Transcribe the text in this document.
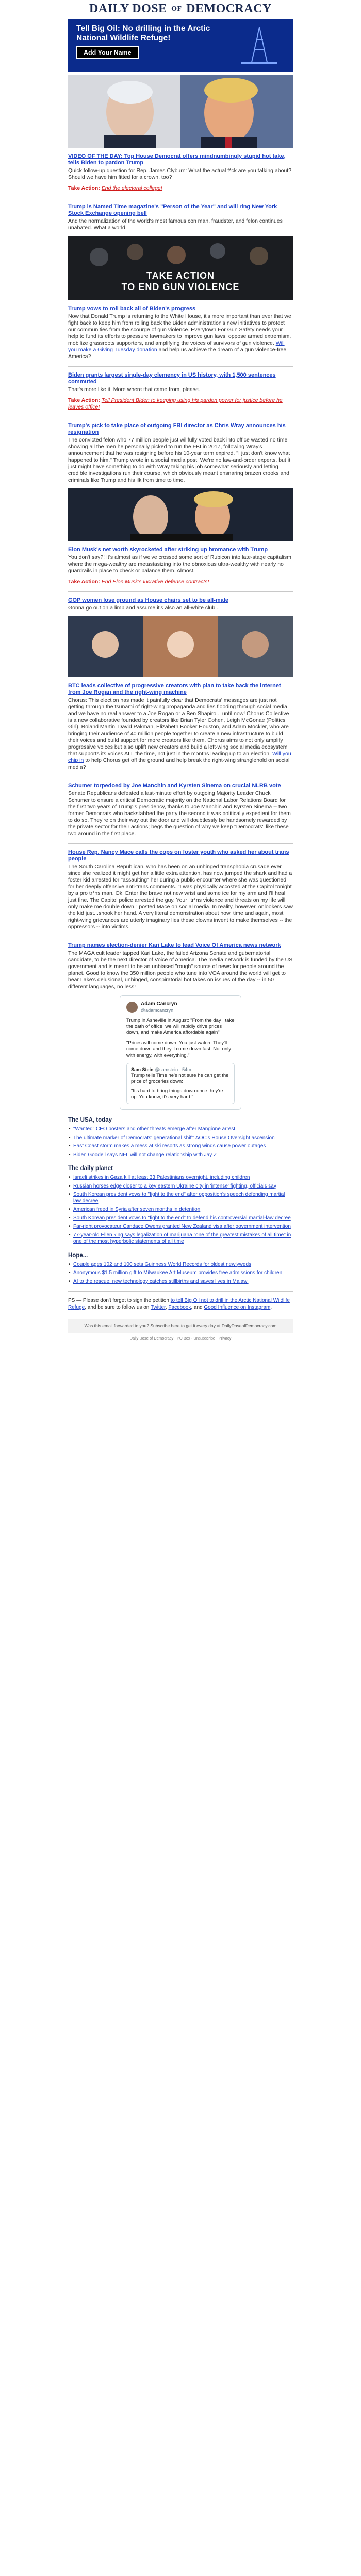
DAILY DOSE OF DEMOCRACY
Tell Big Oil: No drilling in the Arctic National Wildlife Refuge!
Add Your Name
VIDEO OF THE DAY: Top House Democrat offers mindnumbingly stupid hot take, tells Biden to pardon Trump

Quick follow-up question for Rep. James Clyburn: What the actual f*ck are you talking about? Should we have him fitted for a crown, too?

Take Action: End the electoral college!
Trump is Named Time magazine's "Person of the Year" and will ring New York Stock Exchange opening bell

And the normalization of the world's most famous con man, fraudster, and felon continues unabated. What a world.

TAKE ACTION
TO END GUN VIOLENCE
Trump vows to roll back all of Biden's progress

Now that Donald Trump is returning to the White House, it's more important than ever that we fight back to keep him from rolling back the Biden administration's new initiatives to protect our communities from the scourge of gun violence. Everytown For Gun Safety needs your help to fund its efforts to pressure lawmakers to improve gun laws, oppose armed extremism, mobilize grassroots supporters, and amplifying the voices of survivors of gun violence. Will you make a Giving Tuesday donation and help us achieve the dream of a gun violence-free America?

Biden grants largest single-day clemency in US history, with 1,500 sentences commuted

That's more like it. More where that came from, please.

Take Action: Tell President Biden to keeping using his pardon power for justice before he leaves office!
Trump's pick to take place of outgoing FBI director as Chris Wray announces his resignation

The convicted felon who 77 million people just willfully voted back into office wasted no time showing all the men he personally picked to run the FBI in 2017, following Wray's announcement that he was resigning before his 10-year term expired. "I just don't know what happened to him," Trump wrote in a social media post. We're no law-and-order experts, but it just might have something to do with Wray taking his job somewhat seriously and letting credible investigations run their course, which obviously meant ensnaring brazen crooks and criminals like Trump and his ilk from time to time.

Elon Musk's net worth skyrocketed after striking up bromance with Trump

You don't say?! It's almost as if we've crossed some sort of Rubicon into late-stage capitalism where the mega-wealthy are metastasizing into the obnoxious ultra-wealthy with nearly no guardrails in place to check or balance them. Almost.

Take Action: End Elon Musk's lucrative defense contracts!
GOP women lose ground as House chairs set to be all-male

Gonna go out on a limb and assume it's also an all-white club...

BTC leads collective of progressive creators with plan to take back the internet from Joe Rogan and the right-wing machine

Chorus: This election has made it painfully clear that Democrats' messages are just not getting through the tsunami of right-wing propaganda and lies flooding through social media, and we have no real answer to a Joe Rogan or a Ben Shapiro... until now! Chorus Collective is a new collaborative founded by creators like Brian Tyler Cohen, Leigh McGonae (Politics Girl), Roland Martin, David Pakman, Elizabeth Booker Houston, and Adam Mockler, who are bringing their audience of 40 million people together to create a new infrastructure to build their voices and build support for more creators like them. Chorus aims to not only amplify progressive voices but also uplift new creators and build a left-wing social media ecosystem that supports its voices ALL the time, not just in the months leading up to an election. Will you chip in to help Chorus get off the ground and help break the right-wing stranglehold on social media?

Schumer torpedoed by Joe Manchin and Kyrsten Sinema on crucial NLRB vote

Senate Republicans defeated a last-minute effort by outgoing Majority Leader Chuck Schumer to ensure a critical Democratic majority on the National Labor Relations Board for the first two years of Trump's presidency, thanks to Joe Manchin and Kyrsten Sinema -- two former Democrats who backstabbed the party the second it was politically expedient for them to do so. They're on their way out the door and will doubtlessly be handsomely rewarded by the private sector for their actions; begs the question of why we keep "Democrats" like these two around in the first place.

House Rep. Nancy Mace calls the cops on foster youth who asked her about trans people

The South Carolina Republican, who has been on an unhinged transphobia crusade ever since she realized it might get her a little extra attention, has now jumped the shark and had a foster kid arrested for "assaulting" her during a public encounter where she was questioned for her deeply offensive anti-trans comments. "I was physically accosted at the Capitol tonight by a pro tr*ns man. Ok. Enter the brave not new wrist and some ice for my arm and I'll heal just fine. The Capitol police arrested the guy. Your "tr*ns violence and threats on my life will only make me double down," posted Mace on social media. In reality, however, onlookers saw the kid just...shook her hand. A very literal demonstration about how, time and again, most right-wing grievances are utterly imaginary lies these clowns invent to make themselves -- the oppressors -- into victims.

Trump names election-denier Kari Lake to lead Voice Of America news network

The MAGA cult leader tapped Kari Lake, the failed Arizona Senate and gubernatorial candidate, to be the next director of Voice of America. The media network is funded by the US government and is meant to be an unbiased "rough" source of news for people around the planet. Good to know the 350 million people who tune into VOA around the world will get to hear Lake's delusional, unhinged, conspiratorial hot takes on issues of the day -- in 50 different languages, no less!

Adam Cancryn
@adamcancryn

Trump in Asheville in August: "From the day I take the oath of office, we will rapidly drive prices down, and make America affordable again"

"Prices will come down. You just watch. They'll come down and they'll come down fast. Not only with energy, with everything."

Sam Stein @samstein · 54m

Trump tells Time he's not sure he can get the price of groceries down:

"It's hard to bring things down once they're up. You know, it's very hard."

The USA, today
• "Wanted" CEO posters and other threats emerge after Mangione arrest
• The ultimate marker of Democrats' generational shift: AOC's House Oversight ascension
• East Coast storm makes a mess at ski resorts as strong winds cause power outages
• Biden Goodell says NFL will not change relationship with Jay Z
The daily planet
• Israeli strikes in Gaza kill at least 33 Palestinians overnight, including children
• Russian horses edge closer to a key eastern Ukraine city in 'intense' fighting, officials say
• South Korean president vows to "fight to the end" after opposition's speech defending martial law decree
• American freed in Syria after seven months in detention
• South Korean president vows to "fight to the end" to defend his controversial martial-law decree
• Far-right provocateur Candace Owens granted New Zealand visa after government intervention
• 77-year-old Ellen king says legalization of marijuana "one of the greatest mistakes of all time" in one of the most hyperbolic statements of all time
Hope...
• Couple ages 102 and 100 sets Guinness World Records for oldest newlyweds
• Anonymous $1.5 million gift to Milwaukee Art Museum provides free admissions for children
• AI to the rescue: new technology catches stillbirths and saves lives in Malawi
PS — Please don't forget to sign the petition to tell Big Oil not to drill in the Arctic National Wildlife Refuge, and be sure to follow us on Twitter, Facebook, and Good Influence on Instagram.
Was this email forwarded to you? Subscribe here to get it every day at DailyDoseofDemocracy.com
Daily Dose of Democracy · PO Box · Unsubscribe · Privacy
